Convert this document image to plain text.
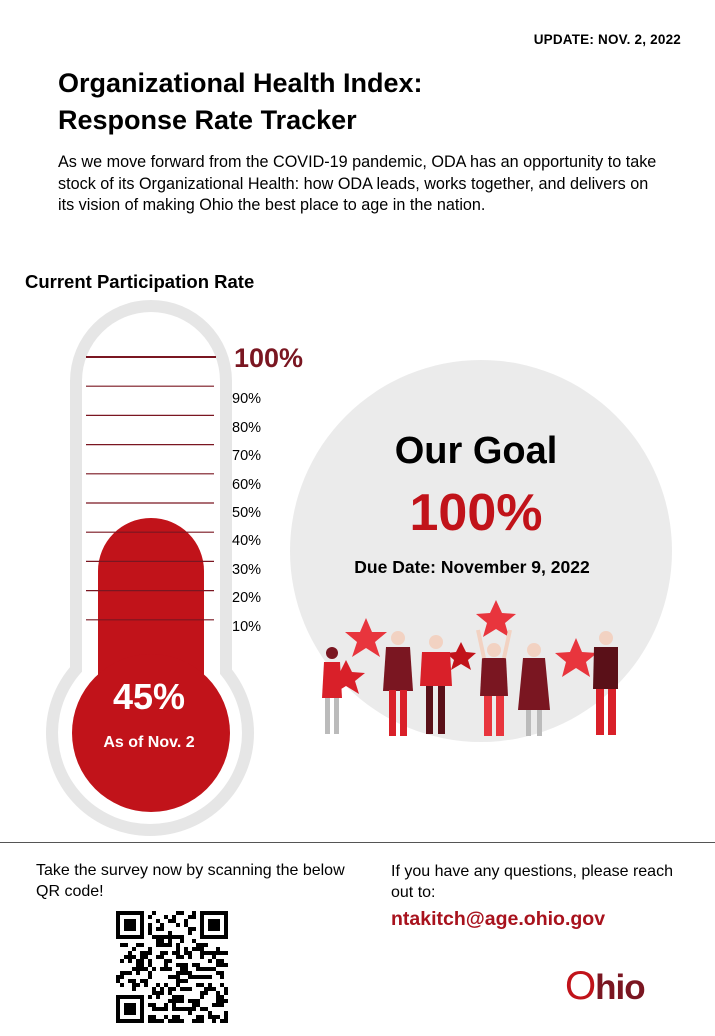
UPDATE: NOV. 2, 2022
Organizational Health Index:
Response Rate Tracker

As we move forward from the COVID-19 pandemic, ODA has an opportunity to take stock of its Organizational Health: how ODA leads, works together, and delivers on its vision of making Ohio the best place to age in the nation.

Current Participation Rate
45%
As of Nov. 2
100%
90%
80%
70%
60%
50%
40%
30%
20%
10%
Our Goal
100%
Due Date: November 9, 2022

Take the survey now by scanning the below QR code!

If you have any questions, please reach out to:

ntakitch@age.ohio.gov
Ohio
